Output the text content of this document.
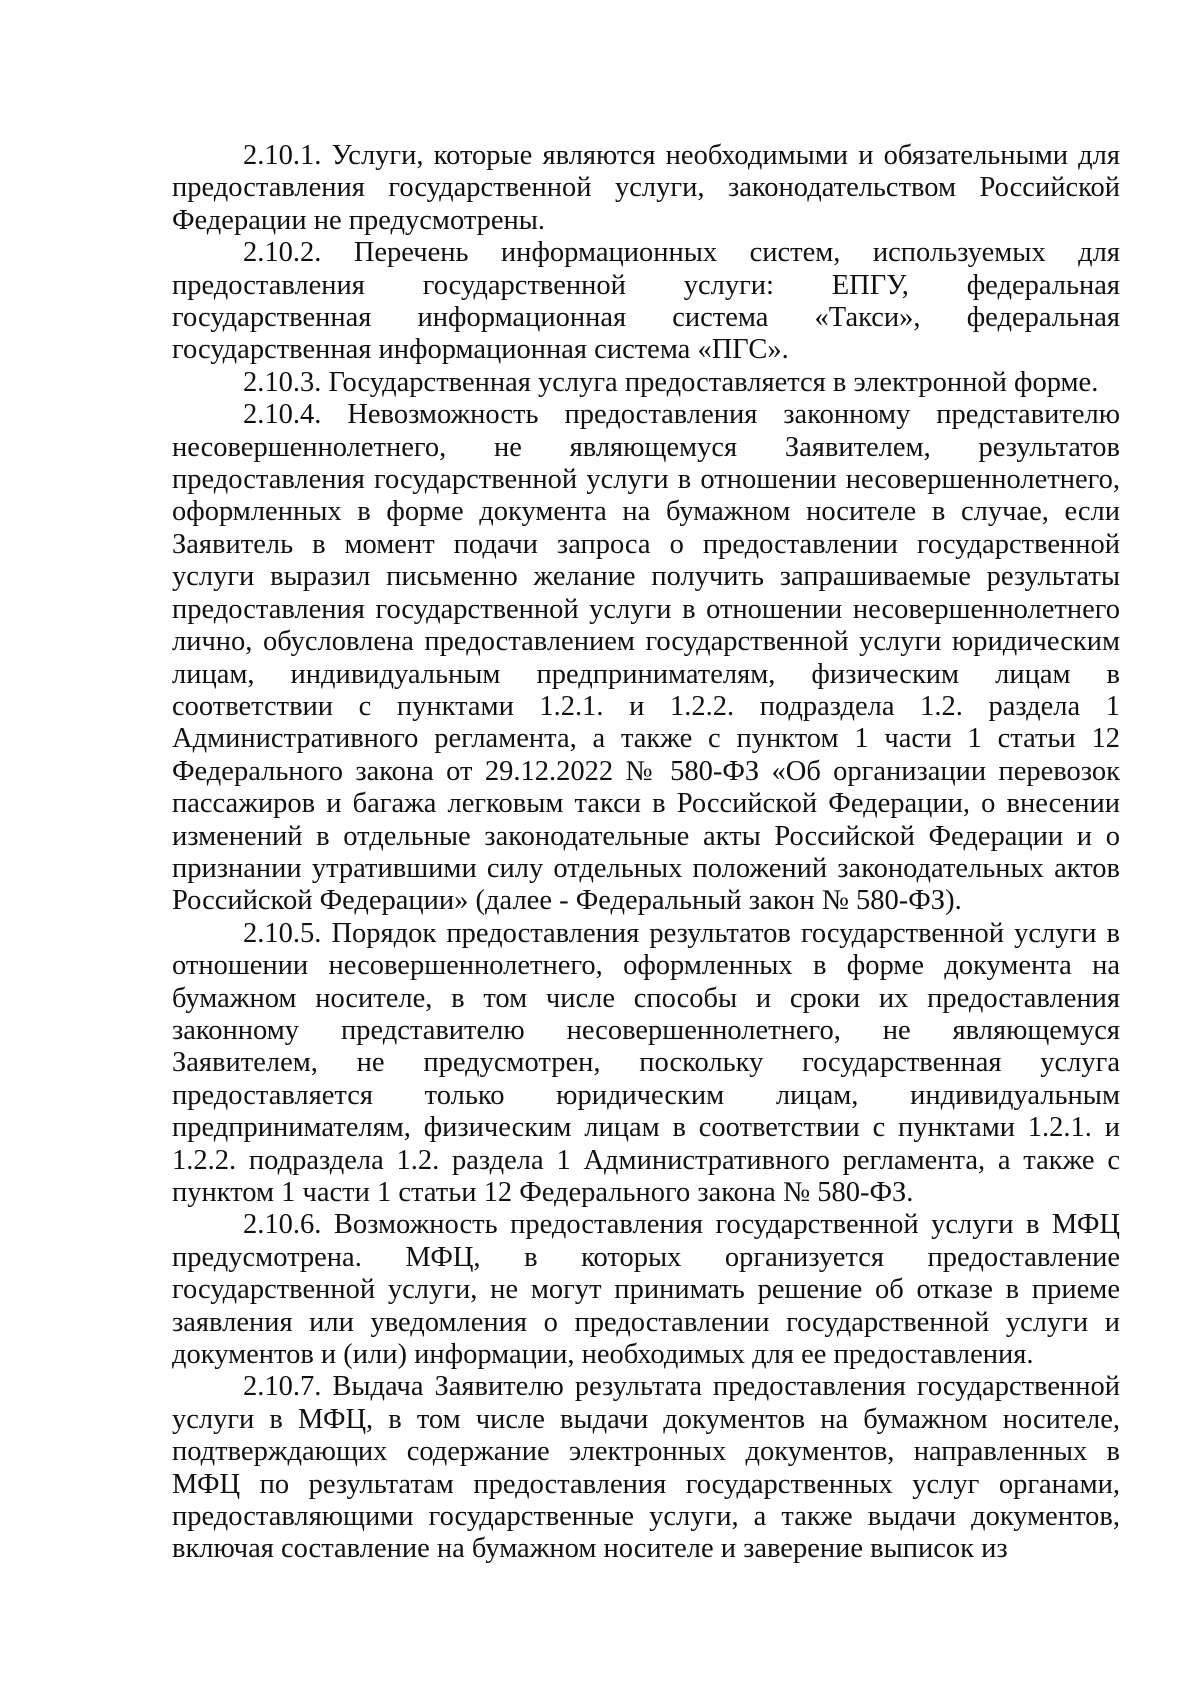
2.10.1. Услуги, которые являются необходимыми и обязательными для предоставления государственной услуги, законодательством Российской Федерации не предусмотрены.

2.10.2. Перечень информационных систем, используемых для предоставления государственной услуги: ЕПГУ, федеральная государственная информационная система «Такси», федеральная государственная информационная система «ПГС».

2.10.3. Государственная услуга предоставляется в электронной форме.

2.10.4. Невозможность предоставления законному представителю несовершеннолетнего, не являющемуся Заявителем, результатов предоставления государственной услуги в отношении несовершеннолетнего, оформленных в форме документа на бумажном носителе в случае, если Заявитель в момент подачи запроса о предоставлении государственной услуги выразил письменно желание получить запрашиваемые результаты предоставления государственной услуги в отношении несовершеннолетнего лично, обусловлена предоставлением государственной услуги юридическим лицам, индивидуальным предпринимателям, физическим лицам в соответствии с пунктами 1.2.1. и 1.2.2. подраздела 1.2. раздела 1 Административного регламента, а также с пунктом 1 части 1 статьи 12 Федерального закона от 29.12.2022 № 580-ФЗ «Об организации перевозок пассажиров и багажа легковым такси в Российской Федерации, о внесении изменений в отдельные законодательные акты Российской Федерации и о признании утратившими силу отдельных положений законодательных актов Российской Федерации» (далее - Федеральный закон № 580-ФЗ).

2.10.5. Порядок предоставления результатов государственной услуги в отношении несовершеннолетнего, оформленных в форме документа на бумажном носителе, в том числе способы и сроки их предоставления законному представителю несовершеннолетнего, не являющемуся Заявителем, не предусмотрен, поскольку государственная услуга предоставляется только юридическим лицам, индивидуальным предпринимателям, физическим лицам в соответствии с пунктами 1.2.1. и 1.2.2. подраздела 1.2. раздела 1 Административного регламента, а также с пунктом 1 части 1 статьи 12 Федерального закона № 580-ФЗ.

2.10.6. Возможность предоставления государственной услуги в МФЦ предусмотрена. МФЦ, в которых организуется предоставление государственной услуги, не могут принимать решение об отказе в приеме заявления или уведомления о предоставлении государственной услуги и документов и (или) информации, необходимых для ее предоставления.

2.10.7. Выдача Заявителю результата предоставления государственной услуги в МФЦ, в том числе выдачи документов на бумажном носителе, подтверждающих содержание электронных документов, направленных в МФЦ по результатам предоставления государственных услуг органами, предоставляющими государственные услуги, а также выдачи документов, включая составление на бумажном носителе и заверение выписок из
